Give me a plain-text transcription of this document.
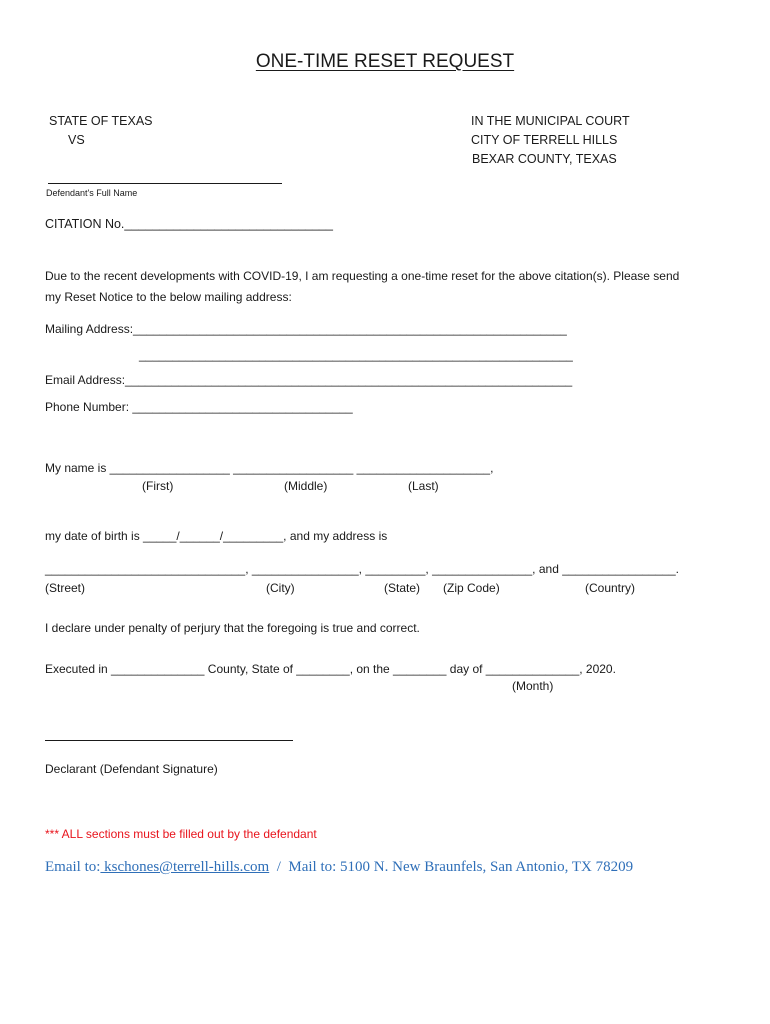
ONE-TIME RESET REQUEST
STATE OF TEXAS
VS
IN THE MUNICIPAL COURT
CITY OF TERRELL HILLS
BEXAR COUNTY, TEXAS
Defendant's Full Name
CITATION No.______________________________
Due to the recent developments with COVID-19, I am requesting a one-time reset for the above citation(s). Please send
my Reset Notice to the below mailing address:
Mailing Address:_________________________________________________________________
_________________________________________________________________
Email Address:___________________________________________________________________
Phone Number: _________________________________
My name is __________________ __________________ ____________________,
(First)	(Middle)	(Last)
my date of birth is _____/______/_________, and my address is
______________________________, ________________, _________, _______________, and _________________.
(Street)	(City)	(State) (Zip Code)	(Country)
I declare under penalty of perjury that the foregoing is true and correct.
Executed in ______________ County, State of ________, on the ________ day of ______________, 2020.
(Month)
Declarant (Defendant Signature)
*** ALL sections must be filled out by the defendant
Email to: kschones@terrell-hills.com  /  Mail to: 5100 N. New Braunfels, San Antonio, TX 78209
